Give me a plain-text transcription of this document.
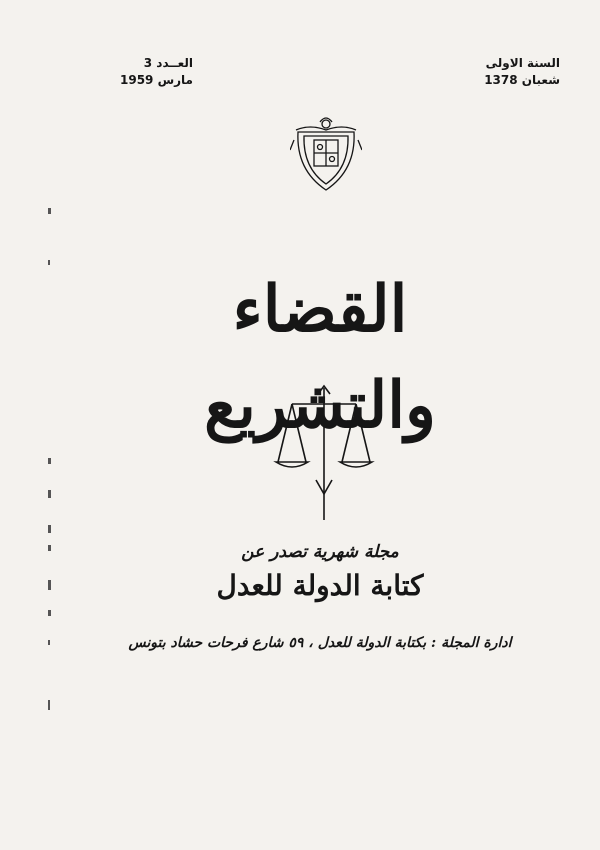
السنة الاولى
شعبان 1378
العــدد 3
مارس 1959
القضاء والتشريع
مجلة شهرية تصدر عن
كتابة الدولة للعدل
ادارة المجلة : بكتابة الدولة للعدل ، ٥٩ شارع فرحات حشاد بتونس
